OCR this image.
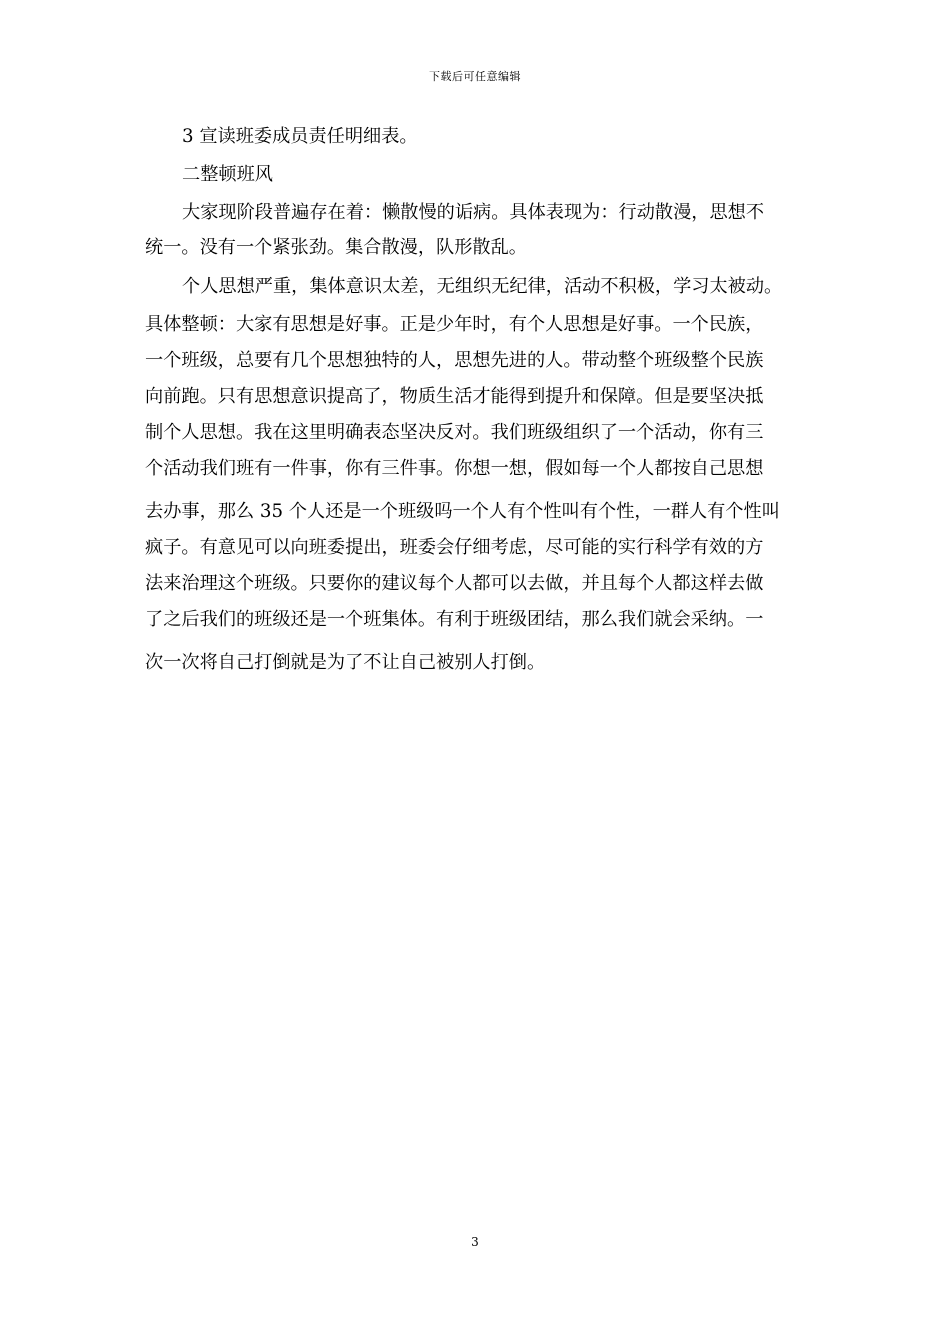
下载后可任意编辑
3 宣读班委成员责任明细表。
二整顿班风
大家现阶段普遍存在着：懒散慢的诟病。具体表现为：行动散漫，思想不
统一。没有一个紧张劲。集合散漫，队形散乱。
个人思想严重，集体意识太差，无组织无纪律，活动不积极，学习太被动。
具体整顿：大家有思想是好事。正是少年时，有个人思想是好事。一个民族，
一个班级，总要有几个思想独特的人，思想先进的人。带动整个班级整个民族
向前跑。只有思想意识提高了，物质生活才能得到提升和保障。但是要坚决抵
制个人思想。我在这里明确表态坚决反对。我们班级组织了一个活动，你有三
个活动我们班有一件事，你有三件事。你想一想，假如每一个人都按自己思想
去办事，那么 35 个人还是一个班级吗一个人有个性叫有个性，一群人有个性叫
疯子。有意见可以向班委提出，班委会仔细考虑，尽可能的实行科学有效的方
法来治理这个班级。只要你的建议每个人都可以去做，并且每个人都这样去做
了之后我们的班级还是一个班集体。有利于班级团结，那么我们就会采纳。一
次一次将自己打倒就是为了不让自己被别人打倒。
3
